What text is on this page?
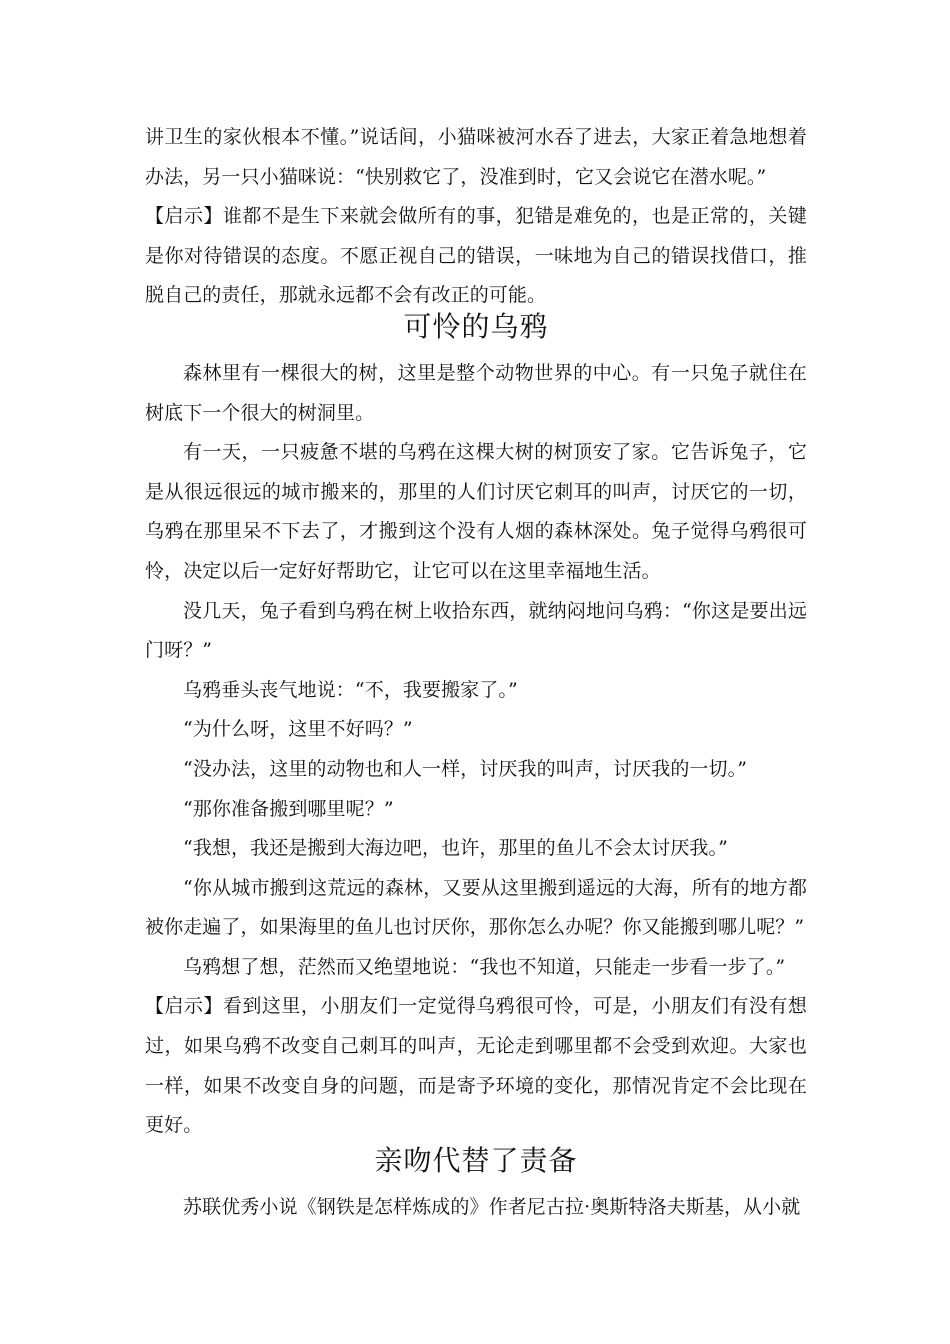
讲卫生的家伙根本不懂。”说话间，小猫咪被河水吞了进去，大家正着急地想着办法，另一只小猫咪说：“快别救它了，没准到时，它又会说它在潜水呢。”

【启示】谁都不是生下来就会做所有的事，犯错是难免的，也是正常的，关键是你对待错误的态度。不愿正视自己的错误，一味地为自己的错误找借口，推脱自己的责任，那就永远都不会有改正的可能。

可怜的乌鸦

森林里有一棵很大的树，这里是整个动物世界的中心。有一只兔子就住在树底下一个很大的树洞里。

有一天，一只疲惫不堪的乌鸦在这棵大树的树顶安了家。它告诉兔子，它是从很远很远的城市搬来的，那里的人们讨厌它刺耳的叫声，讨厌它的一切，乌鸦在那里呆不下去了，才搬到这个没有人烟的森林深处。兔子觉得乌鸦很可怜，决定以后一定好好帮助它，让它可以在这里幸福地生活。

没几天，兔子看到乌鸦在树上收拾东西，就纳闷地问乌鸦：“你这是要出远门呀？”

乌鸦垂头丧气地说：“不，我要搬家了。”

“为什么呀，这里不好吗？”

“没办法，这里的动物也和人一样，讨厌我的叫声，讨厌我的一切。”

“那你准备搬到哪里呢？”

“我想，我还是搬到大海边吧，也许，那里的鱼儿不会太讨厌我。”

“你从城市搬到这荒远的森林，又要从这里搬到遥远的大海，所有的地方都被你走遍了，如果海里的鱼儿也讨厌你，那你怎么办呢？你又能搬到哪儿呢？”

乌鸦想了想，茫然而又绝望地说：“我也不知道，只能走一步看一步了。”

【启示】看到这里，小朋友们一定觉得乌鸦很可怜，可是，小朋友们有没有想过，如果乌鸦不改变自己刺耳的叫声，无论走到哪里都不会受到欢迎。大家也一样，如果不改变自身的问题，而是寄予环境的变化，那情况肯定不会比现在更好。

亲吻代替了责备

苏联优秀小说《钢铁是怎样炼成的》作者尼古拉·奥斯特洛夫斯基，从小就
